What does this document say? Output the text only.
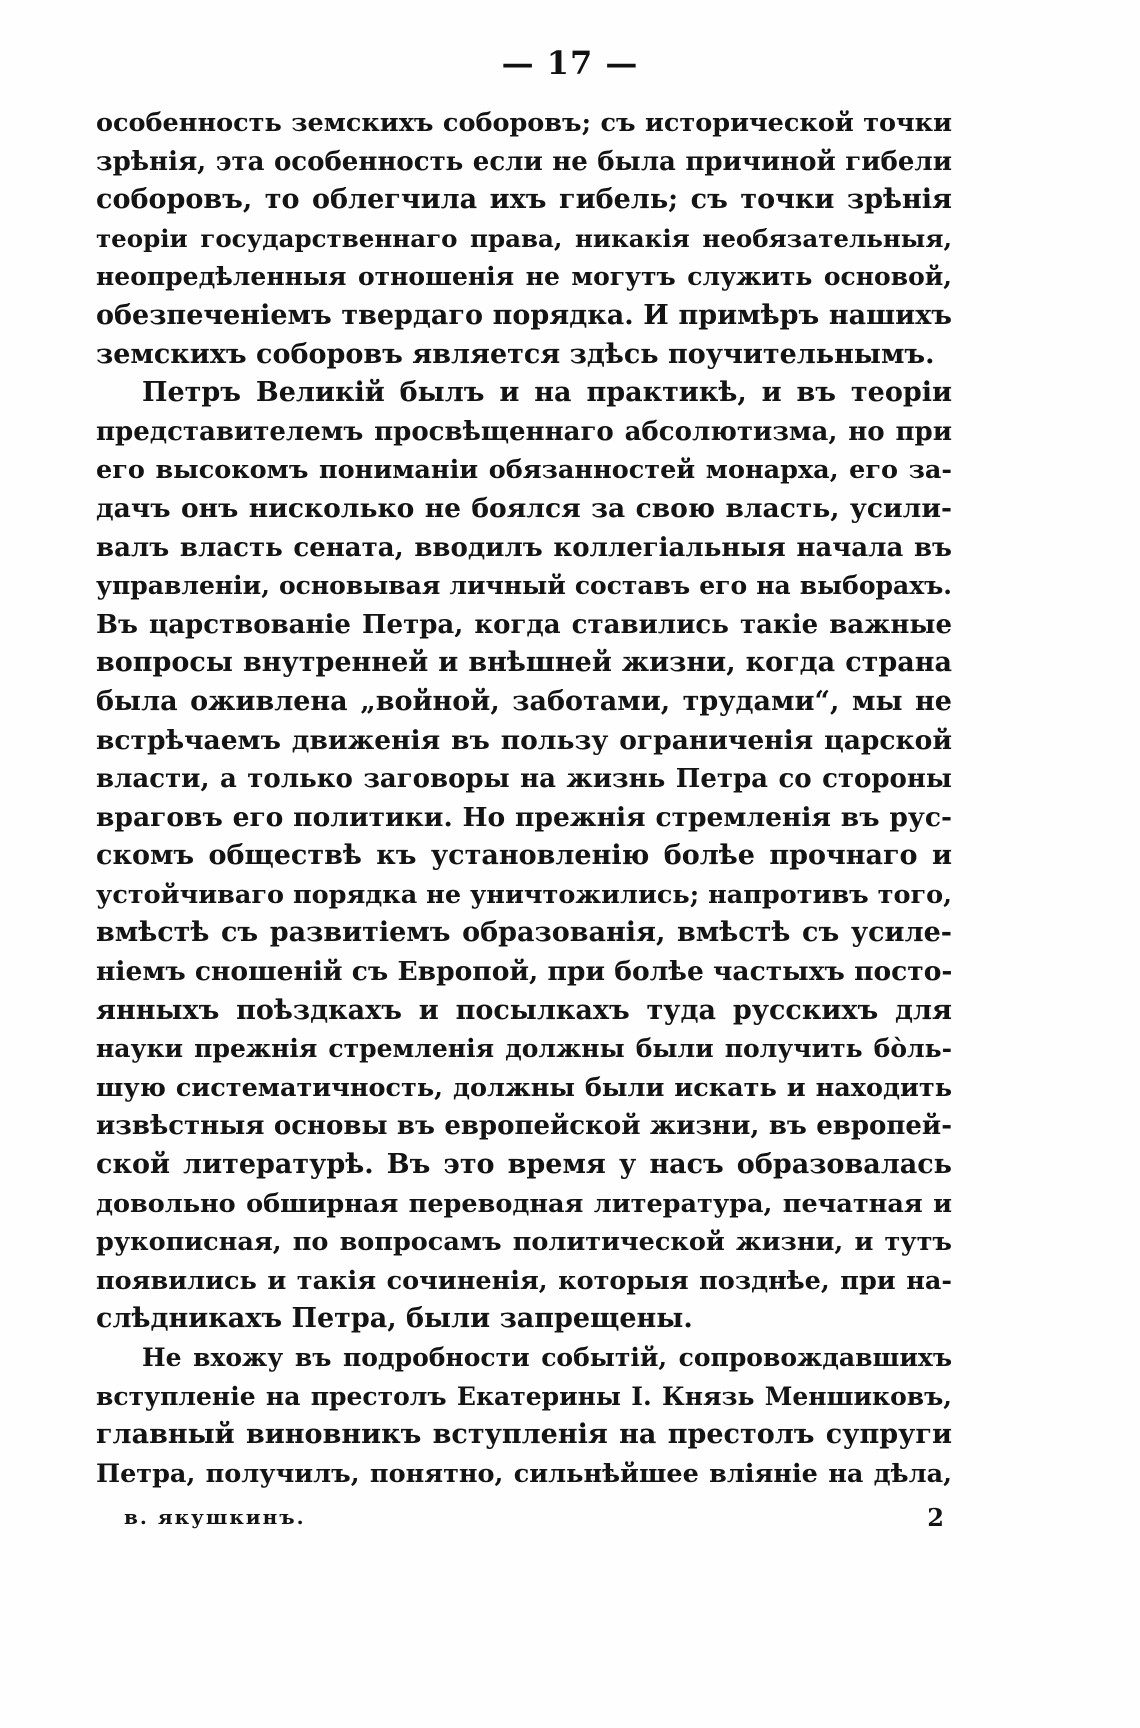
— 17 —
особенность земскихъ соборовъ; съ исторической точки
зрѣнія, эта особенность если не была причиной гибели
соборовъ, то облегчила ихъ гибель; съ точки зрѣнія
теоріи государственнаго права, никакія необязательныя,
неопредѣленныя отношенія не могутъ служить основой,
обезпеченіемъ твердаго порядка. И примѣръ нашихъ
земскихъ соборовъ является здѣсь поучительнымъ.
Петръ Великій былъ и на практикѣ, и въ теоріи
представителемъ просвѣщеннаго абсолютизма, но при
его высокомъ пониманіи обязанностей монарха, его за-
дачъ онъ нисколько не боялся за свою власть, усили-
валъ власть сената, вводилъ коллегіальныя начала въ
управленіи, основывая личный составъ его на выборахъ.
Въ царствованіе Петра, когда ставились такіе важные
вопросы внутренней и внѣшней жизни, когда страна
была оживлена „войной, заботами, трудами“, мы не
встрѣчаемъ движенія въ пользу ограниченія царской
власти, а только заговоры на жизнь Петра со стороны
враговъ его политики. Но прежнія стремленія въ рус-
скомъ обществѣ къ установленію болѣе прочнаго и
устойчиваго порядка не уничтожились; напротивъ того,
вмѣстѣ съ развитіемъ образованія, вмѣстѣ съ усиле-
ніемъ сношеній съ Европой, при болѣе частыхъ посто-
янныхъ поѣздкахъ и посылкахъ туда русскихъ для
науки прежнія стремленія должны были получить бòль-
шую систематичность, должны были искать и находить
извѣстныя основы въ европейской жизни, въ европей-
ской литературѣ. Въ это время у насъ образовалась
довольно обширная переводная литература, печатная и
рукописная, по вопросамъ политической жизни, и тутъ
появились и такія сочиненія, которыя позднѣе, при на-
слѣдникахъ Петра, были запрещены.
Не вхожу въ подробности событій, сопровождавшихъ
вступленіе на престолъ Екатерины I. Князь Меншиковъ,
главный виновникъ вступленія на престолъ супруги
Петра, получилъ, понятно, сильнѣйшее вліяніе на дѣла,
в. якушкинъ.	2
